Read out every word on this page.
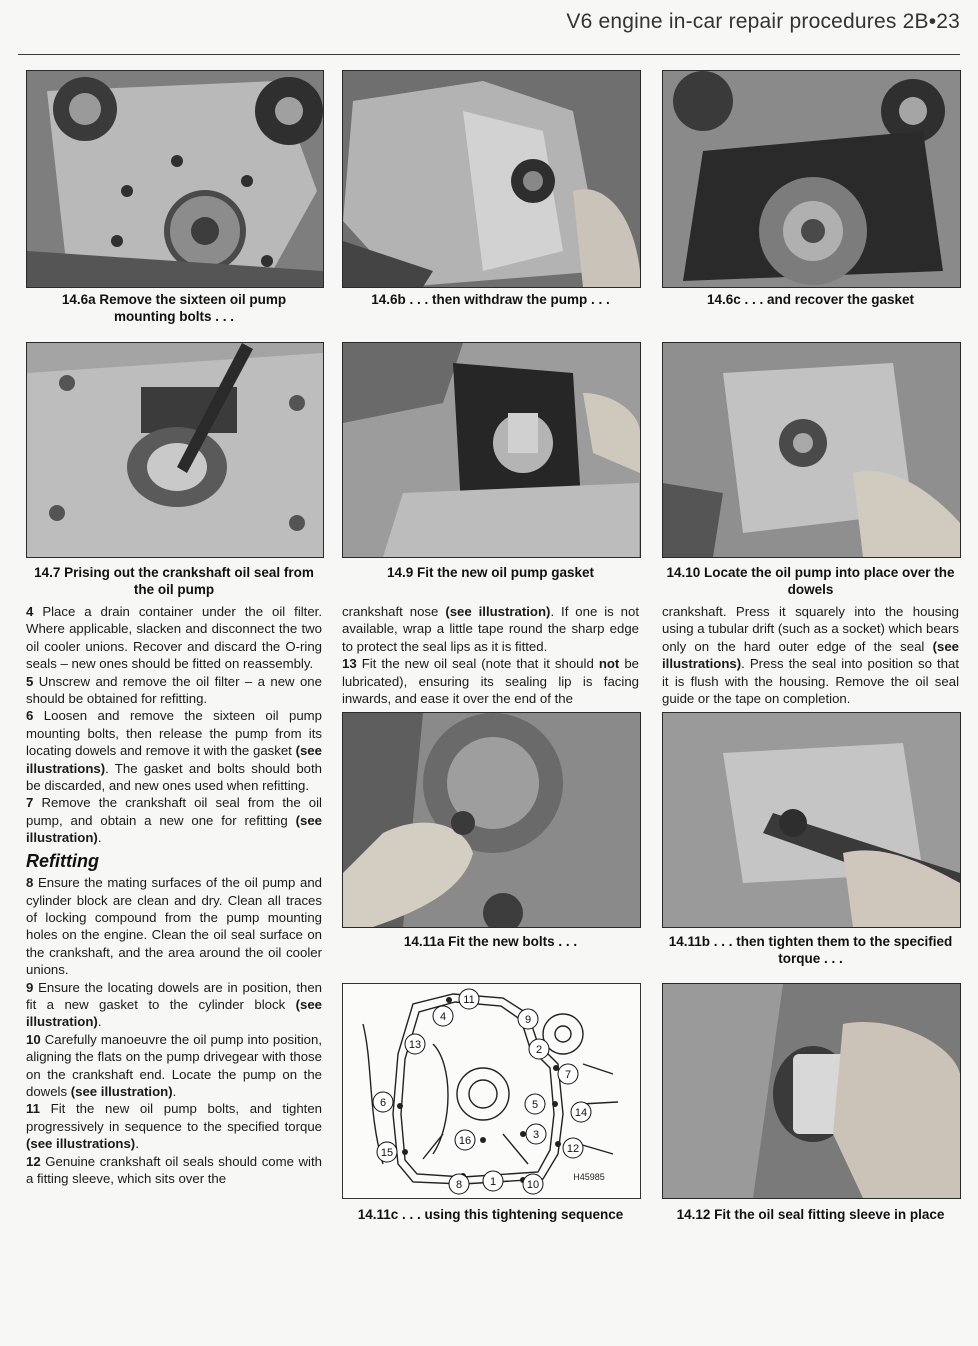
V6 engine in-car repair procedures 2B•23
14.6a Remove the sixteen oil pump mounting bolts . . .
14.6b . . . then withdraw the pump . . .	14.6c . . . and recover the gasket
14.7 Prising out the crankshaft oil seal from the oil pump
14.9 Fit the new oil pump gasket	14.10 Locate the oil pump into place over the dowels

4 Place a drain container under the oil filter. Where applicable, slacken and disconnect the two oil cooler unions. Recover and discard the O-ring seals – new ones should be fitted on reassembly.

5 Unscrew and remove the oil filter – a new one should be obtained for refitting.

6 Loosen and remove the sixteen oil pump mounting bolts, then release the pump from its locating dowels and remove it with the gasket (see illustrations). The gasket and bolts should both be discarded, and new ones used when refitting.

7 Remove the crankshaft oil seal from the oil pump, and obtain a new one for refitting (see illustration).

Refitting

8 Ensure the mating surfaces of the oil pump and cylinder block are clean and dry. Clean all traces of locking compound from the pump mounting holes on the engine. Clean the oil seal surface on the crankshaft, and the area around the oil cooler unions.

9 Ensure the locating dowels are in position, then fit a new gasket to the cylinder block (see illustration).

10 Carefully manoeuvre the oil pump into position, aligning the flats on the pump drivegear with those on the crankshaft end. Locate the pump on the dowels (see illustration).

11 Fit the new oil pump bolts, and tighten progressively in sequence to the specified torque (see illustrations).

12 Genuine crankshaft oil seals should come with a fitting sleeve, which sits over the

crankshaft nose (see illustration). If one is not available, wrap a little tape round the sharp edge to protect the seal lips as it is fitted.

13 Fit the new oil seal (note that it should not be lubricated), ensuring its sealing lip is facing inwards, and ease it over the end of the

crankshaft. Press it squarely into the housing using a tubular drift (such as a socket) which bears only on the hard outer edge of the seal (see illustrations). Press the seal into position so that it is flush with the housing. Remove the oil seal guide or the tape on completion.

14.11a Fit the new bolts . . .	14.11b . . . then tighten them to the specified torque . . .
11
9
4
13	2
7
6	5
14
3
16
12
15
8	1	10
H45985
14.11c . . . using this tightening sequence	14.12 Fit the oil seal fitting sleeve in place
